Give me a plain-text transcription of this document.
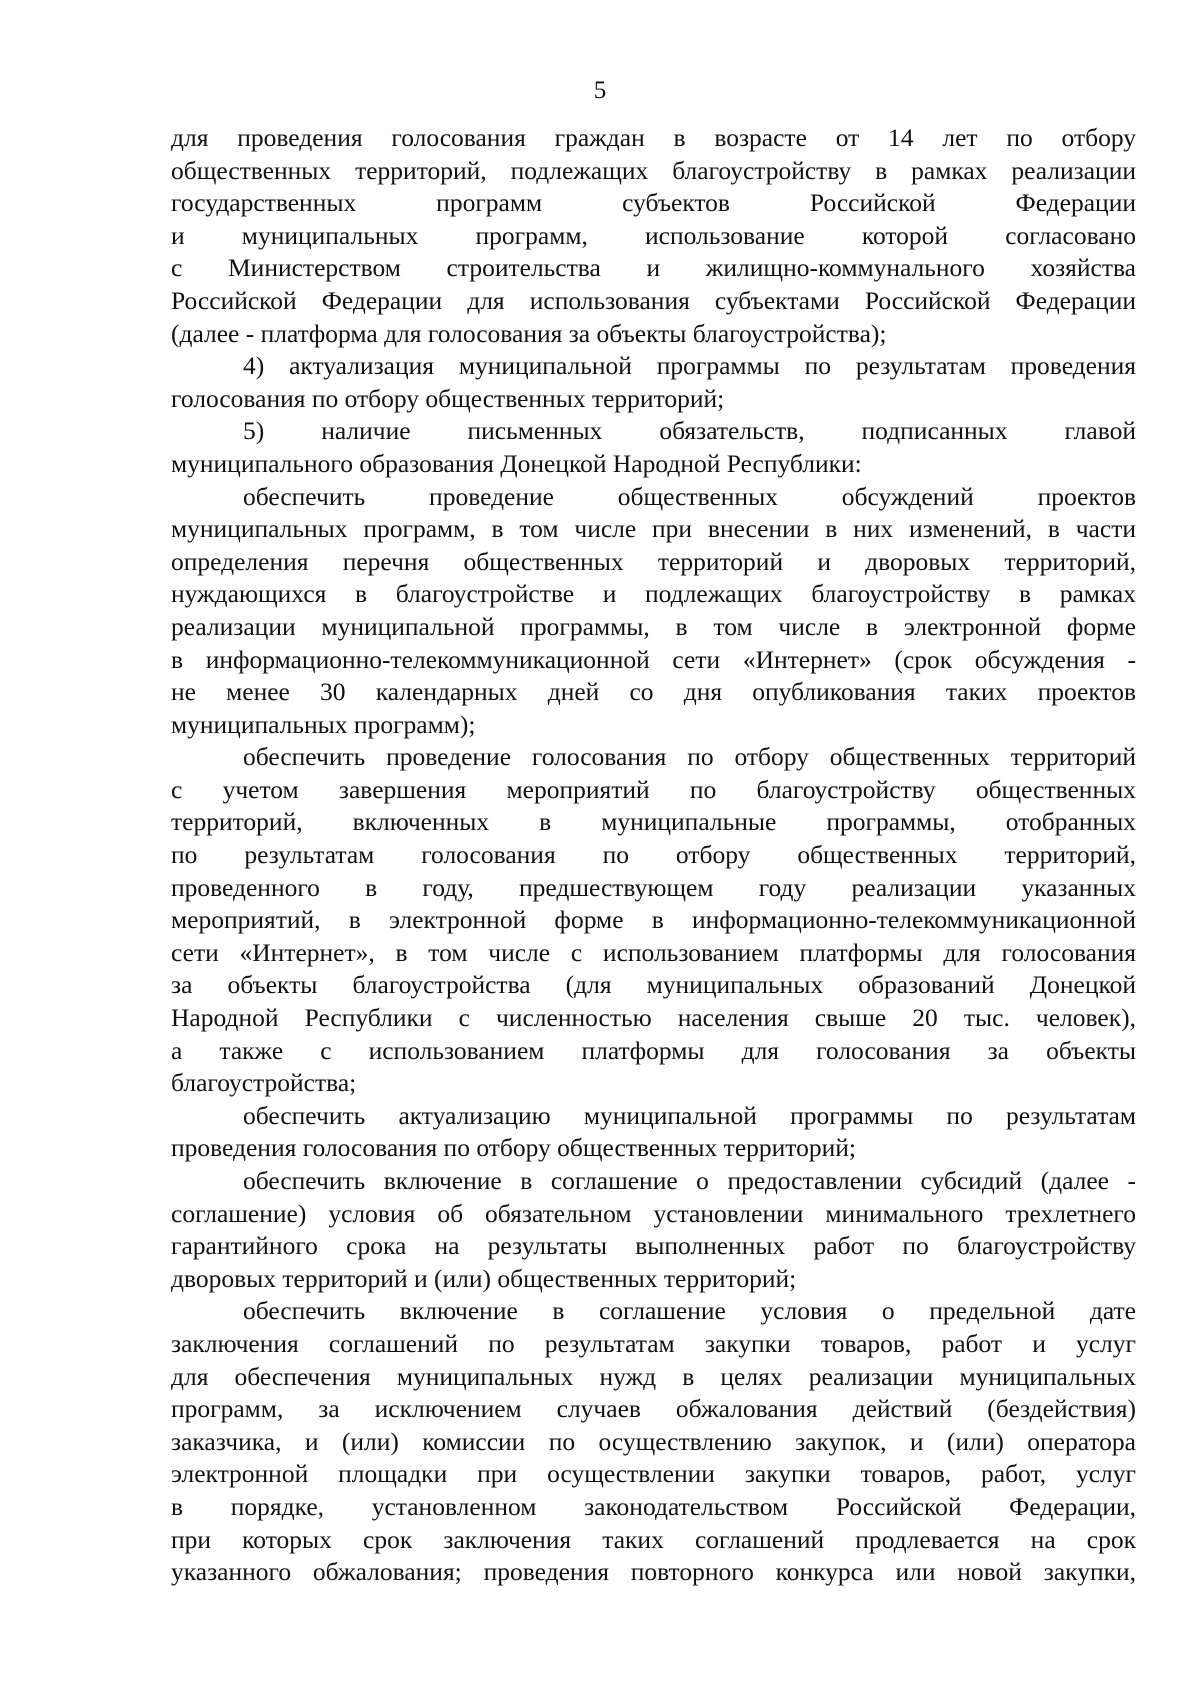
5
для проведения голосования граждан в возрасте от 14 лет по отбору
общественных территорий, подлежащих благоустройству в рамках реализации
государственных программ субъектов Российской Федерации
и муниципальных программ, использование которой согласовано
с Министерством строительства и жилищно-коммунального хозяйства
Российской Федерации для использования субъектами Российской Федерации
(далее - платформа для голосования за объекты благоустройства);
4) актуализация муниципальной программы по результатам проведения
голосования по отбору общественных территорий;
5) наличие письменных обязательств, подписанных главой
муниципального образования Донецкой Народной Республики:
обеспечить проведение общественных обсуждений проектов
муниципальных программ, в том числе при внесении в них изменений, в части
определения перечня общественных территорий и дворовых территорий,
нуждающихся в благоустройстве и подлежащих благоустройству в рамках
реализации муниципальной программы, в том числе в электронной форме
в информационно-телекоммуникационной сети «Интернет» (срок обсуждения -
не менее 30 календарных дней со дня опубликования таких проектов
муниципальных программ);
обеспечить проведение голосования по отбору общественных территорий
с учетом завершения мероприятий по благоустройству общественных
территорий, включенных в муниципальные программы, отобранных
по результатам голосования по отбору общественных территорий,
проведенного в году, предшествующем году реализации указанных
мероприятий, в электронной форме в информационно-телекоммуникационной
сети «Интернет», в том числе с использованием платформы для голосования
за объекты благоустройства (для муниципальных образований Донецкой
Народной Республики с численностью населения свыше 20 тыс. человек),
а также с использованием платформы для голосования за объекты
благоустройства;
обеспечить актуализацию муниципальной программы по результатам
проведения голосования по отбору общественных территорий;
обеспечить включение в соглашение о предоставлении субсидий (далее -
соглашение) условия об обязательном установлении минимального трехлетнего
гарантийного срока на результаты выполненных работ по благоустройству
дворовых территорий и (или) общественных территорий;
обеспечить включение в соглашение условия о предельной дате
заключения соглашений по результатам закупки товаров, работ и услуг
для обеспечения муниципальных нужд в целях реализации муниципальных
программ, за исключением случаев обжалования действий (бездействия)
заказчика, и (или) комиссии по осуществлению закупок, и (или) оператора
электронной площадки при осуществлении закупки товаров, работ, услуг
в порядке, установленном законодательством Российской Федерации,
при которых срок заключения таких соглашений продлевается на срок
указанного обжалования; проведения повторного конкурса или новой закупки,
